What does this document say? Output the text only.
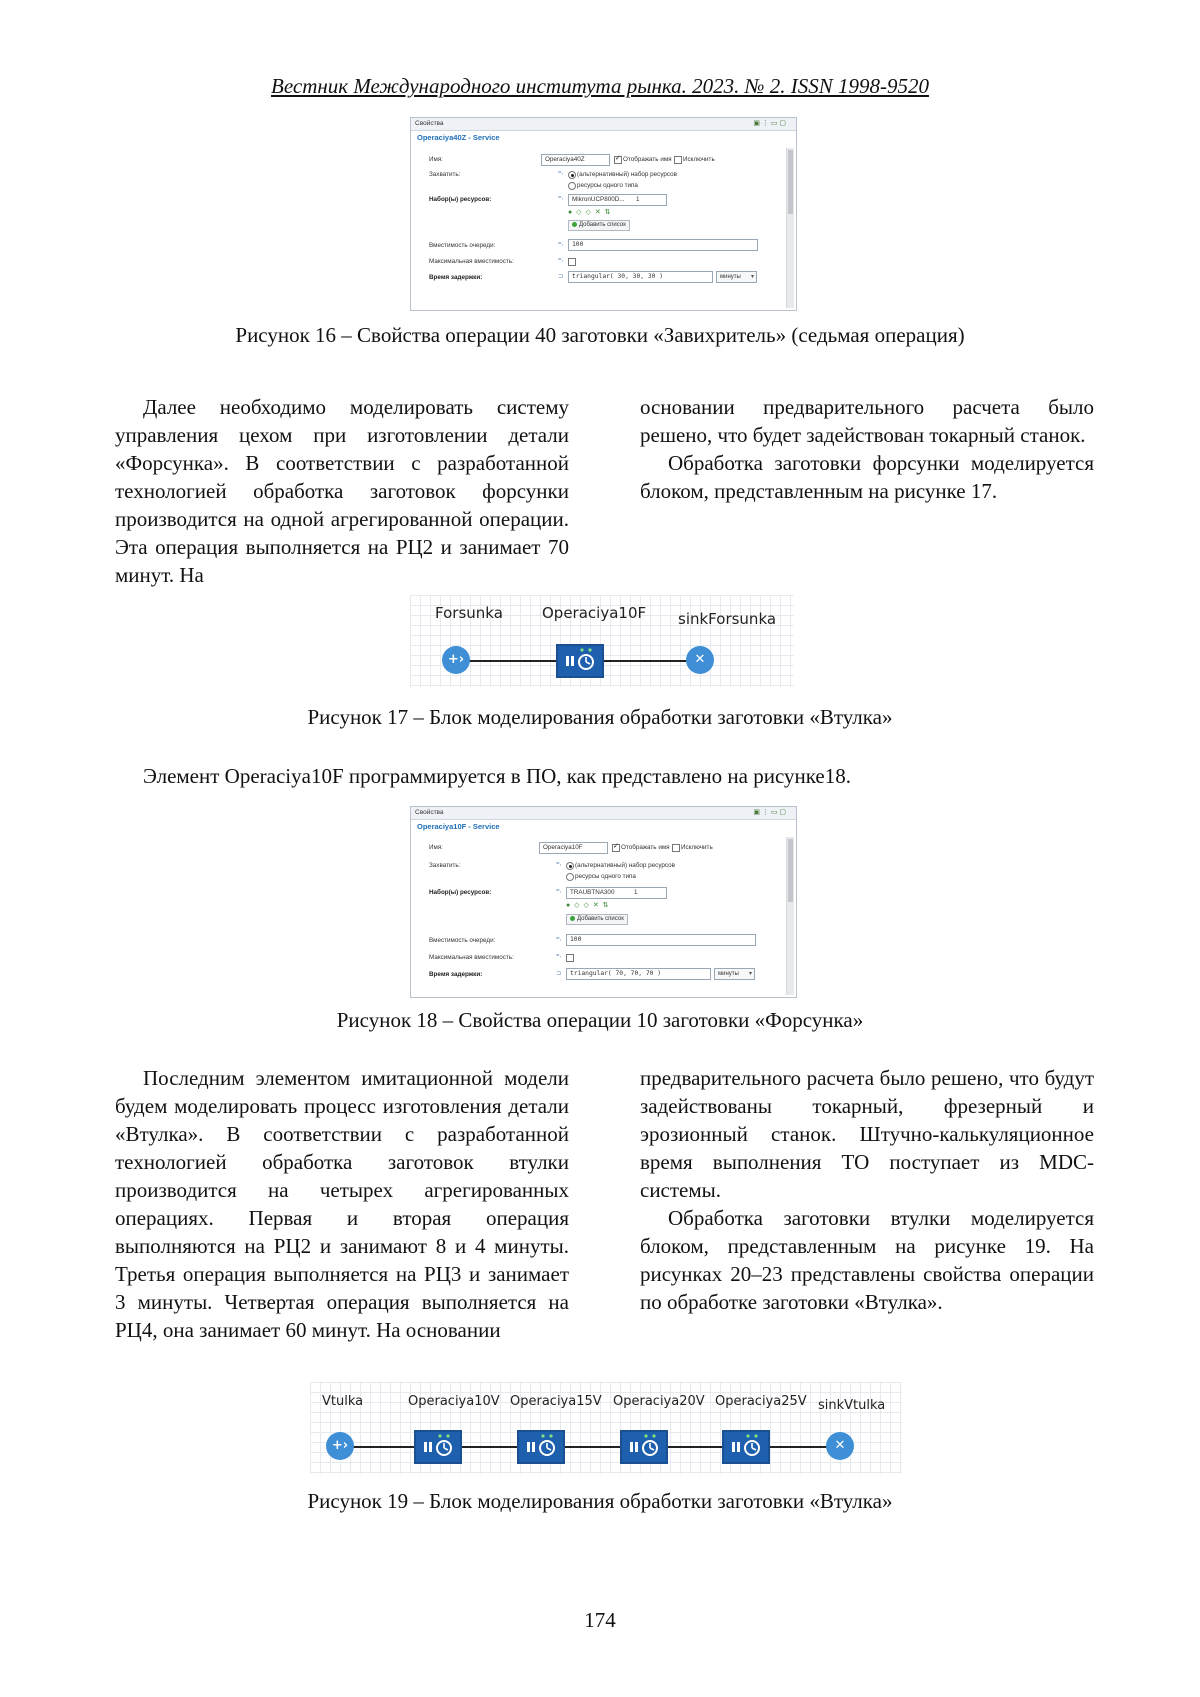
Вестник Международного института рынка. 2023. № 2. ISSN 1998-9520
Свойства	▣ ⋮ ▭ ▢
Operaciya40Z - Service
Имя:	Operaciya40Z ✓	Отображать имя Исключить
Захватить:	=, (альтернативный) набор ресурсов
ресурсы одного типа
Набор(ы) ресурсов:	=,	MikronUCP800D...	1
● ◇ ◇ ✕ ⇅
Добавить список
Вместимость очереди:	=,	100
Максимальная вместимость:	=,
Время задержки:	⊐	triangular( 30, 30, 30 )	минуты ▾
Рисунок 16 – Свойства операции 40 заготовки «Завихритель» (седьмая операция)

Далее необходимо моделировать систему управления цехом при изготовлении детали «Форсунка». В соответствии с разработанной технологией обработка заготовок форсунки производится на одной агрегированной операции. Эта операция выполняется на РЦ2 и занимает 70 минут. На

основании предварительного расчета было решено, что будет задействован токарный станок.

Обработка заготовки форсунки моделируется блоком, представленным на рисунке 17.

Forsunka	Operaciya10F sinkForsunka
+›	✕
Рисунок 17 – Блок моделирования обработки заготовки «Втулка»

Элемент Operaciya10F программируется в ПО, как представлено на рисунке18.

Свойства	▣ ⋮ ▭ ▢
Operaciya10F - Service
Имя:	Operaciya10F ✓	Отображать имя Исключить
Захватить:	=, (альтернативный) набор ресурсов
ресурсы одного типа
Набор(ы) ресурсов:	=,	TRAUBTNA300	1
● ◇ ◇ ✕ ⇅
Добавить список
Вместимость очереди:	=,	100
Максимальная вместимость:	=,
Время задержки:	⊐	triangular( 70, 70, 70 )	минуты ▾
Рисунок 18 – Свойства операции 10 заготовки «Форсунка»

Последним элементом имитационной модели будем моделировать процесс изготовления детали «Втулка». В соответствии с разработанной технологией обработка заготовок втулки производится на четырех агрегированных операциях. Первая и вторая операция выполняются на РЦ2 и занимают 8 и 4 минуты. Третья операция выполняется на РЦ3 и занимает 3 минуты. Четвертая операция выполняется на РЦ4, она занимает 60 минут. На основании

предварительного расчета было решено, что будут задействованы токарный, фрезерный и эрозионный станок. Штучно-калькуляционное время выполнения ТО поступает из MDC-системы.

Обработка заготовки втулки моделируется блоком, представленным на рисунке 19. На рисунках 20–23 представлены свойства операции по обработке заготовки «Втулка».

Vtulka	Operaciya10V Operaciya15V Operaciya20V Operaciya25V sinkVtulka
+›	✕
Рисунок 19 – Блок моделирования обработки заготовки «Втулка»
174
